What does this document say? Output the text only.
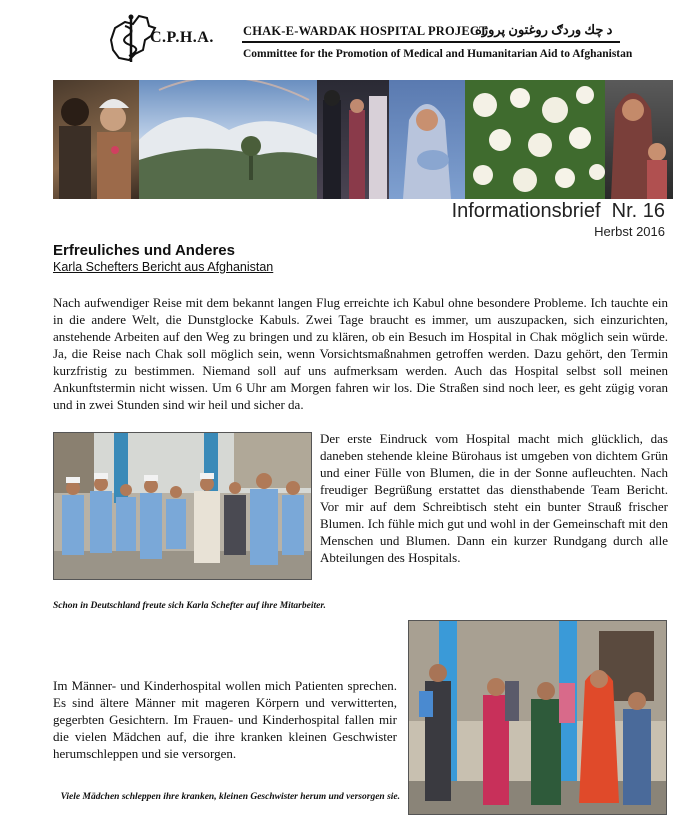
C.P.H.A. CHAK-E-WARDAK HOSPITAL PROJECT
د چك وردګ روغتون پروژه
Committee for the Promotion of Medical and Humanitarian Aid to Afghanistan
Informationsbrief  Nr. 16
Herbst 2016
Erfreuliches und Anderes
Karla Schefters Bericht aus Afghanistan
Nach aufwendiger Reise mit dem bekannt langen Flug erreichte ich Kabul ohne besondere Probleme. Ich tauchte ein in die andere Welt, die Dunstglocke Kabuls. Zwei Tage braucht es immer, um auszupacken, sich einzurichten, anstehende Arbeiten auf den Weg zu bringen und zu klären, ob ein Besuch im Hospital in Chak möglich sein würde. Ja, die Reise nach Chak soll möglich sein, wenn Vorsichtsmaßnahmen getroffen werden. Dazu gehört, den Termin kurzfristig zu bestimmen. Niemand soll auf uns aufmerksam werden. Auch das Hospital selbst soll meinen Ankunftstermin nicht wissen. Um 6 Uhr am Morgen fahren wir los. Die Straßen sind noch leer, es geht zügig voran und in zwei Stunden sind wir heil und sicher da.
Der erste Eindruck vom Hospital macht mich glücklich, das daneben stehende kleine Bürohaus ist umgeben von dichtem Grün und einer Fülle von Blumen, die in der Sonne aufleuchten. Nach freudiger Begrüßung erstattet das diensthabende Team Bericht. Vor mir auf dem Schreibtisch steht ein bunter Strauß frischer Blumen. Ich fühle mich gut und wohl in der Gemeinschaft mit den Menschen und Blumen. Dann ein kurzer Rundgang durch alle Abteilungen des Hospitals.
Schon in Deutschland freute sich Karla Schefter auf ihre Mitarbeiter.
Im Männer- und Kinderhospital wollen mich Patienten sprechen. Es sind ältere Männer mit mageren Körpern und verwitterten, gegerbten Gesichtern. Im Frauen- und Kinderhospital fallen mir die vielen Mädchen auf, die ihre kranken kleinen Geschwister herumschleppen und sie versorgen.
Viele Mädchen schleppen ihre kranken, kleinen Geschwister herum und versorgen sie.
